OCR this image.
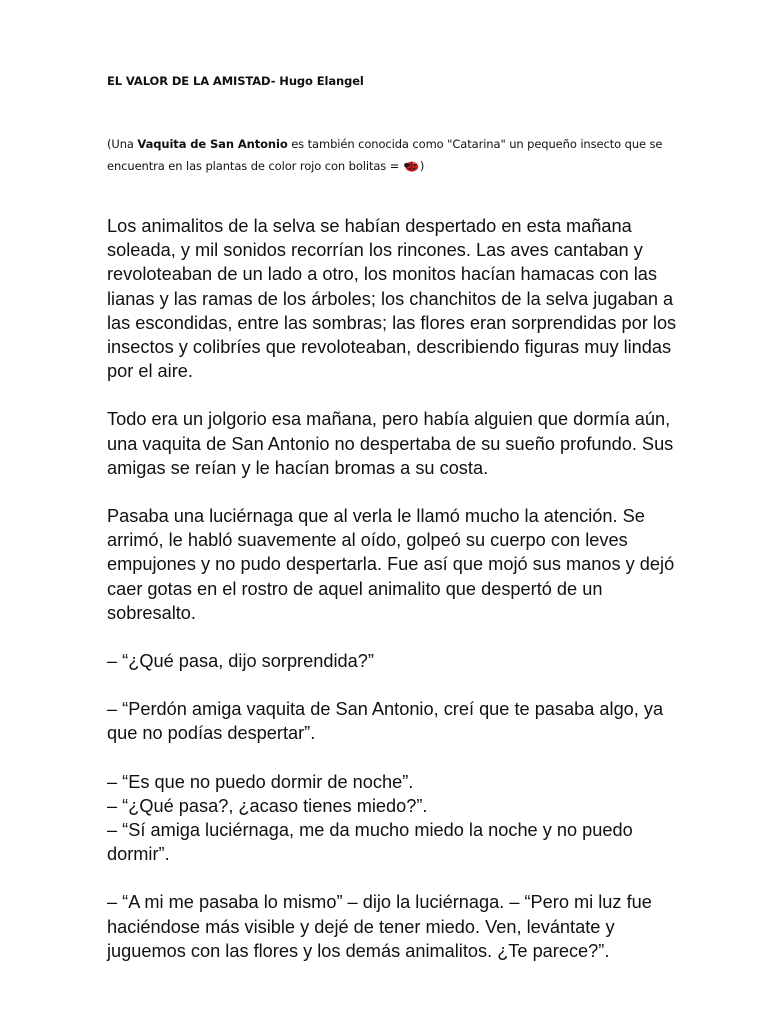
EL VALOR DE LA AMISTAD- Hugo Elangel
(Una Vaquita de San Antonio es también conocida como "Catarina" un pequeño insecto que se
encuentra en las plantas de color rojo con bolitas = )

Los animalitos de la selva se habían despertado en esta mañana
soleada, y mil sonidos recorrían los rincones. Las aves cantaban y
revoloteaban de un lado a otro, los monitos hacían hamacas con las
lianas y las ramas de los árboles; los chanchitos de la selva jugaban a
las escondidas, entre las sombras; las flores eran sorprendidas por los
insectos y colibríes que revoloteaban, describiendo figuras muy lindas
por el aire.

Todo era un jolgorio esa mañana, pero había alguien que dormía aún,
una vaquita de San Antonio no despertaba de su sueño profundo. Sus
amigas se reían y le hacían bromas a su costa.

Pasaba una luciérnaga que al verla le llamó mucho la atención. Se
arrimó, le habló suavemente al oído, golpeó su cuerpo con leves
empujones y no pudo despertarla. Fue así que mojó sus manos y dejó
caer gotas en el rostro de aquel animalito que despertó de un
sobresalto.

– “¿Qué pasa, dijo sorprendida?”

– “Perdón amiga vaquita de San Antonio, creí que te pasaba algo, ya
que no podías despertar”.

– “Es que no puedo dormir de noche”.
– “¿Qué pasa?, ¿acaso tienes miedo?”.
– “Sí amiga luciérnaga, me da mucho miedo la noche y no puedo
dormir”.

– “A mi me pasaba lo mismo” – dijo la luciérnaga. – “Pero mi luz fue
haciéndose más visible y dejé de tener miedo. Ven, levántate y
juguemos con las flores y los demás animalitos. ¿Te parece?”.
